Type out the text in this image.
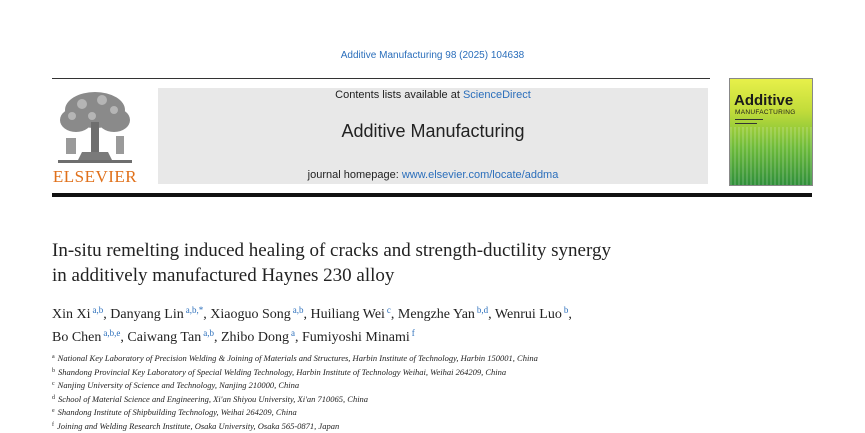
Additive Manufacturing 98 (2025) 104638
ELSEVIER
Contents lists available at ScienceDirect
Additive Manufacturing
journal homepage: www.elsevier.com/locate/addma
Additive
MANUFACTURING
In-situ remelting induced healing of cracks and strength-ductility synergy
in additively manufactured Haynes 230 alloy
Xin Xi $^{a,b}$, Danyang Lin $^{a,b,*}$, Xiaoguo Song $^{a,b}$, Huiliang Wei $^c$, Mengzhe Yan $^{b,d}$, Wenrui Luo $^b$,
Bo Chen $^{a,b,e}$, Caiwang Tan $^{a,b}$, Zhibo Dong $^a$, Fumiyoshi Minami $^f$
$^a$ National Key Laboratory of Precision Welding & Joining of Materials and Structures, Harbin Institute of Technology, Harbin 150001, China
$^b$ Shandong Provincial Key Laboratory of Special Welding Technology, Harbin Institute of Technology Weihai, Weihai 264209, China
$^c$ Nanjing University of Science and Technology, Nanjing 210000, China
$^d$ School of Material Science and Engineering, Xi'an Shiyou University, Xi'an 710065, China
$^e$ Shandong Institute of Shipbuilding Technology, Weihai 264209, China
$^f$ Joining and Welding Research Institute, Osaka University, Osaka 565-0871, Japan
